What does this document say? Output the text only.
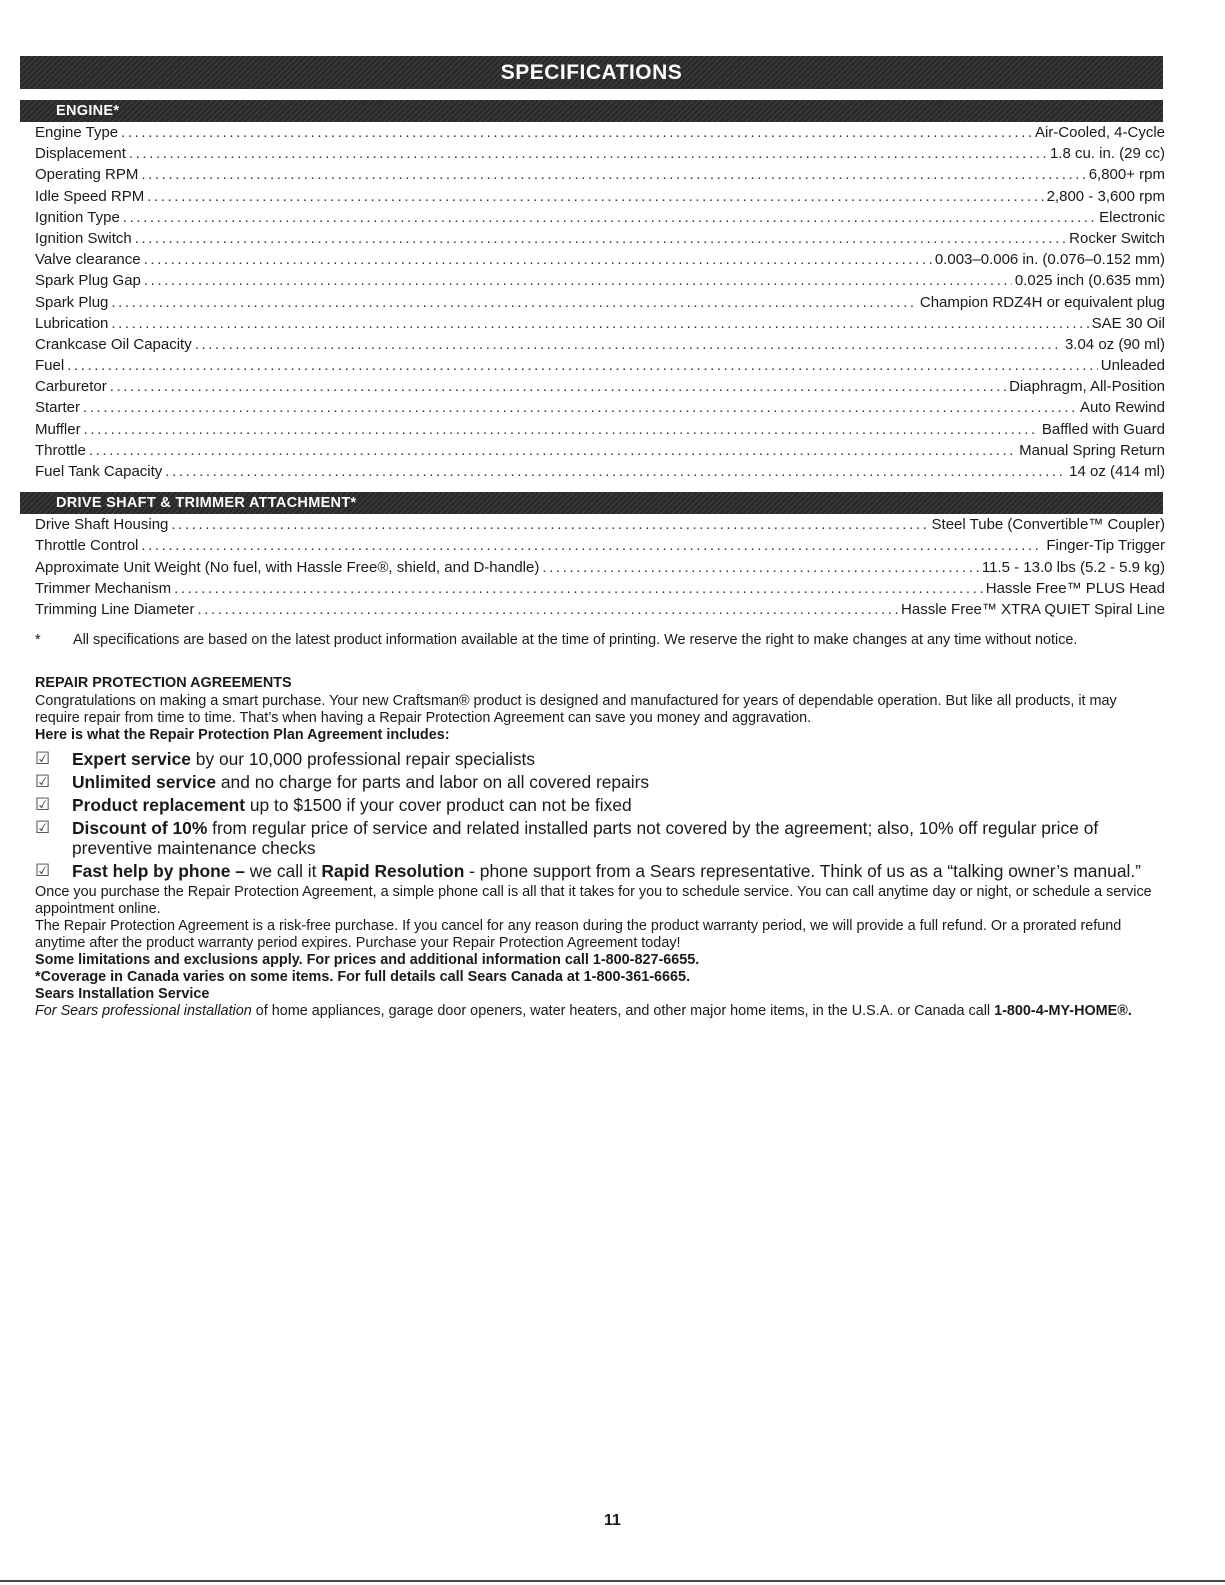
SPECIFICATIONS
ENGINE*
Engine Type .....	Air-Cooled, 4-Cycle
Displacement .....	1.8 cu. in. (29 cc)
Operating RPM .....	6,800+ rpm
Idle Speed RPM .....	2,800 - 3,600 rpm
Ignition Type .....	Electronic
Ignition Switch .....	Rocker Switch
Valve clearance .....	0.003–0.006 in. (0.076–0.152 mm)
Spark Plug Gap .....	0.025 inch (0.635 mm)
Spark Plug .....	Champion RDZ4H or equivalent plug
Lubrication .....	SAE 30 Oil
Crankcase Oil Capacity .....	3.04 oz (90 ml)
Fuel .....	Unleaded
Carburetor .....	Diaphragm, All-Position
Starter .....	Auto Rewind
Muffler .....	Baffled with Guard
Throttle .....	Manual Spring Return
Fuel Tank Capacity .....	14 oz (414 ml)
DRIVE SHAFT & TRIMMER ATTACHMENT*
Drive Shaft Housing .....	Steel Tube (Convertible™ Coupler)
Throttle Control .....	Finger-Tip Trigger
Approximate Unit Weight (No fuel, with Hassle Free®, shield, and D-handle) .....	11.5 - 13.0 lbs (5.2 - 5.9 kg)
Trimmer Mechanism .....	Hassle Free™ PLUS Head
Trimming Line Diameter .....	Hassle Free™ XTRA QUIET Spiral Line
*	All specifications are based on the latest product information available at the time of printing. We reserve the right to make changes at any time without notice.
REPAIR PROTECTION AGREEMENTS

Congratulations on making a smart purchase. Your new Craftsman® product is designed and manufactured for years of dependable operation. But like all products, it may require repair from time to time. That’s when having a Repair Protection Agreement can save you money and aggravation.

Here is what the Repair Protection Plan Agreement includes:

☑	Expert service by our 10,000 professional repair specialists
☑	Unlimited service and no charge for parts and labor on all covered repairs
☑	Product replacement up to $1500 if your cover product can not be fixed
☑	Discount of 10% from regular price of service and related installed parts not covered by the agreement; also, 10% off regular price of preventive maintenance checks
☑	Fast help by phone – we call it Rapid Resolution - phone support from a Sears representative. Think of us as a “talking owner’s manual.”

Once you purchase the Repair Protection Agreement, a simple phone call is all that it takes for you to schedule service. You can call anytime day or night, or schedule a service appointment online.

The Repair Protection Agreement is a risk-free purchase. If you cancel for any reason during the product warranty period, we will provide a full refund. Or a prorated refund anytime after the product warranty period expires. Purchase your Repair Protection Agreement today!

Some limitations and exclusions apply. For prices and additional information call 1-800-827-6655.

*Coverage in Canada varies on some items. For full details call Sears Canada at 1-800-361-6665.

Sears Installation Service

For Sears professional installation of home appliances, garage door openers, water heaters, and other major home items, in the U.S.A. or Canada call 1-800-4-MY-HOME®.

11
